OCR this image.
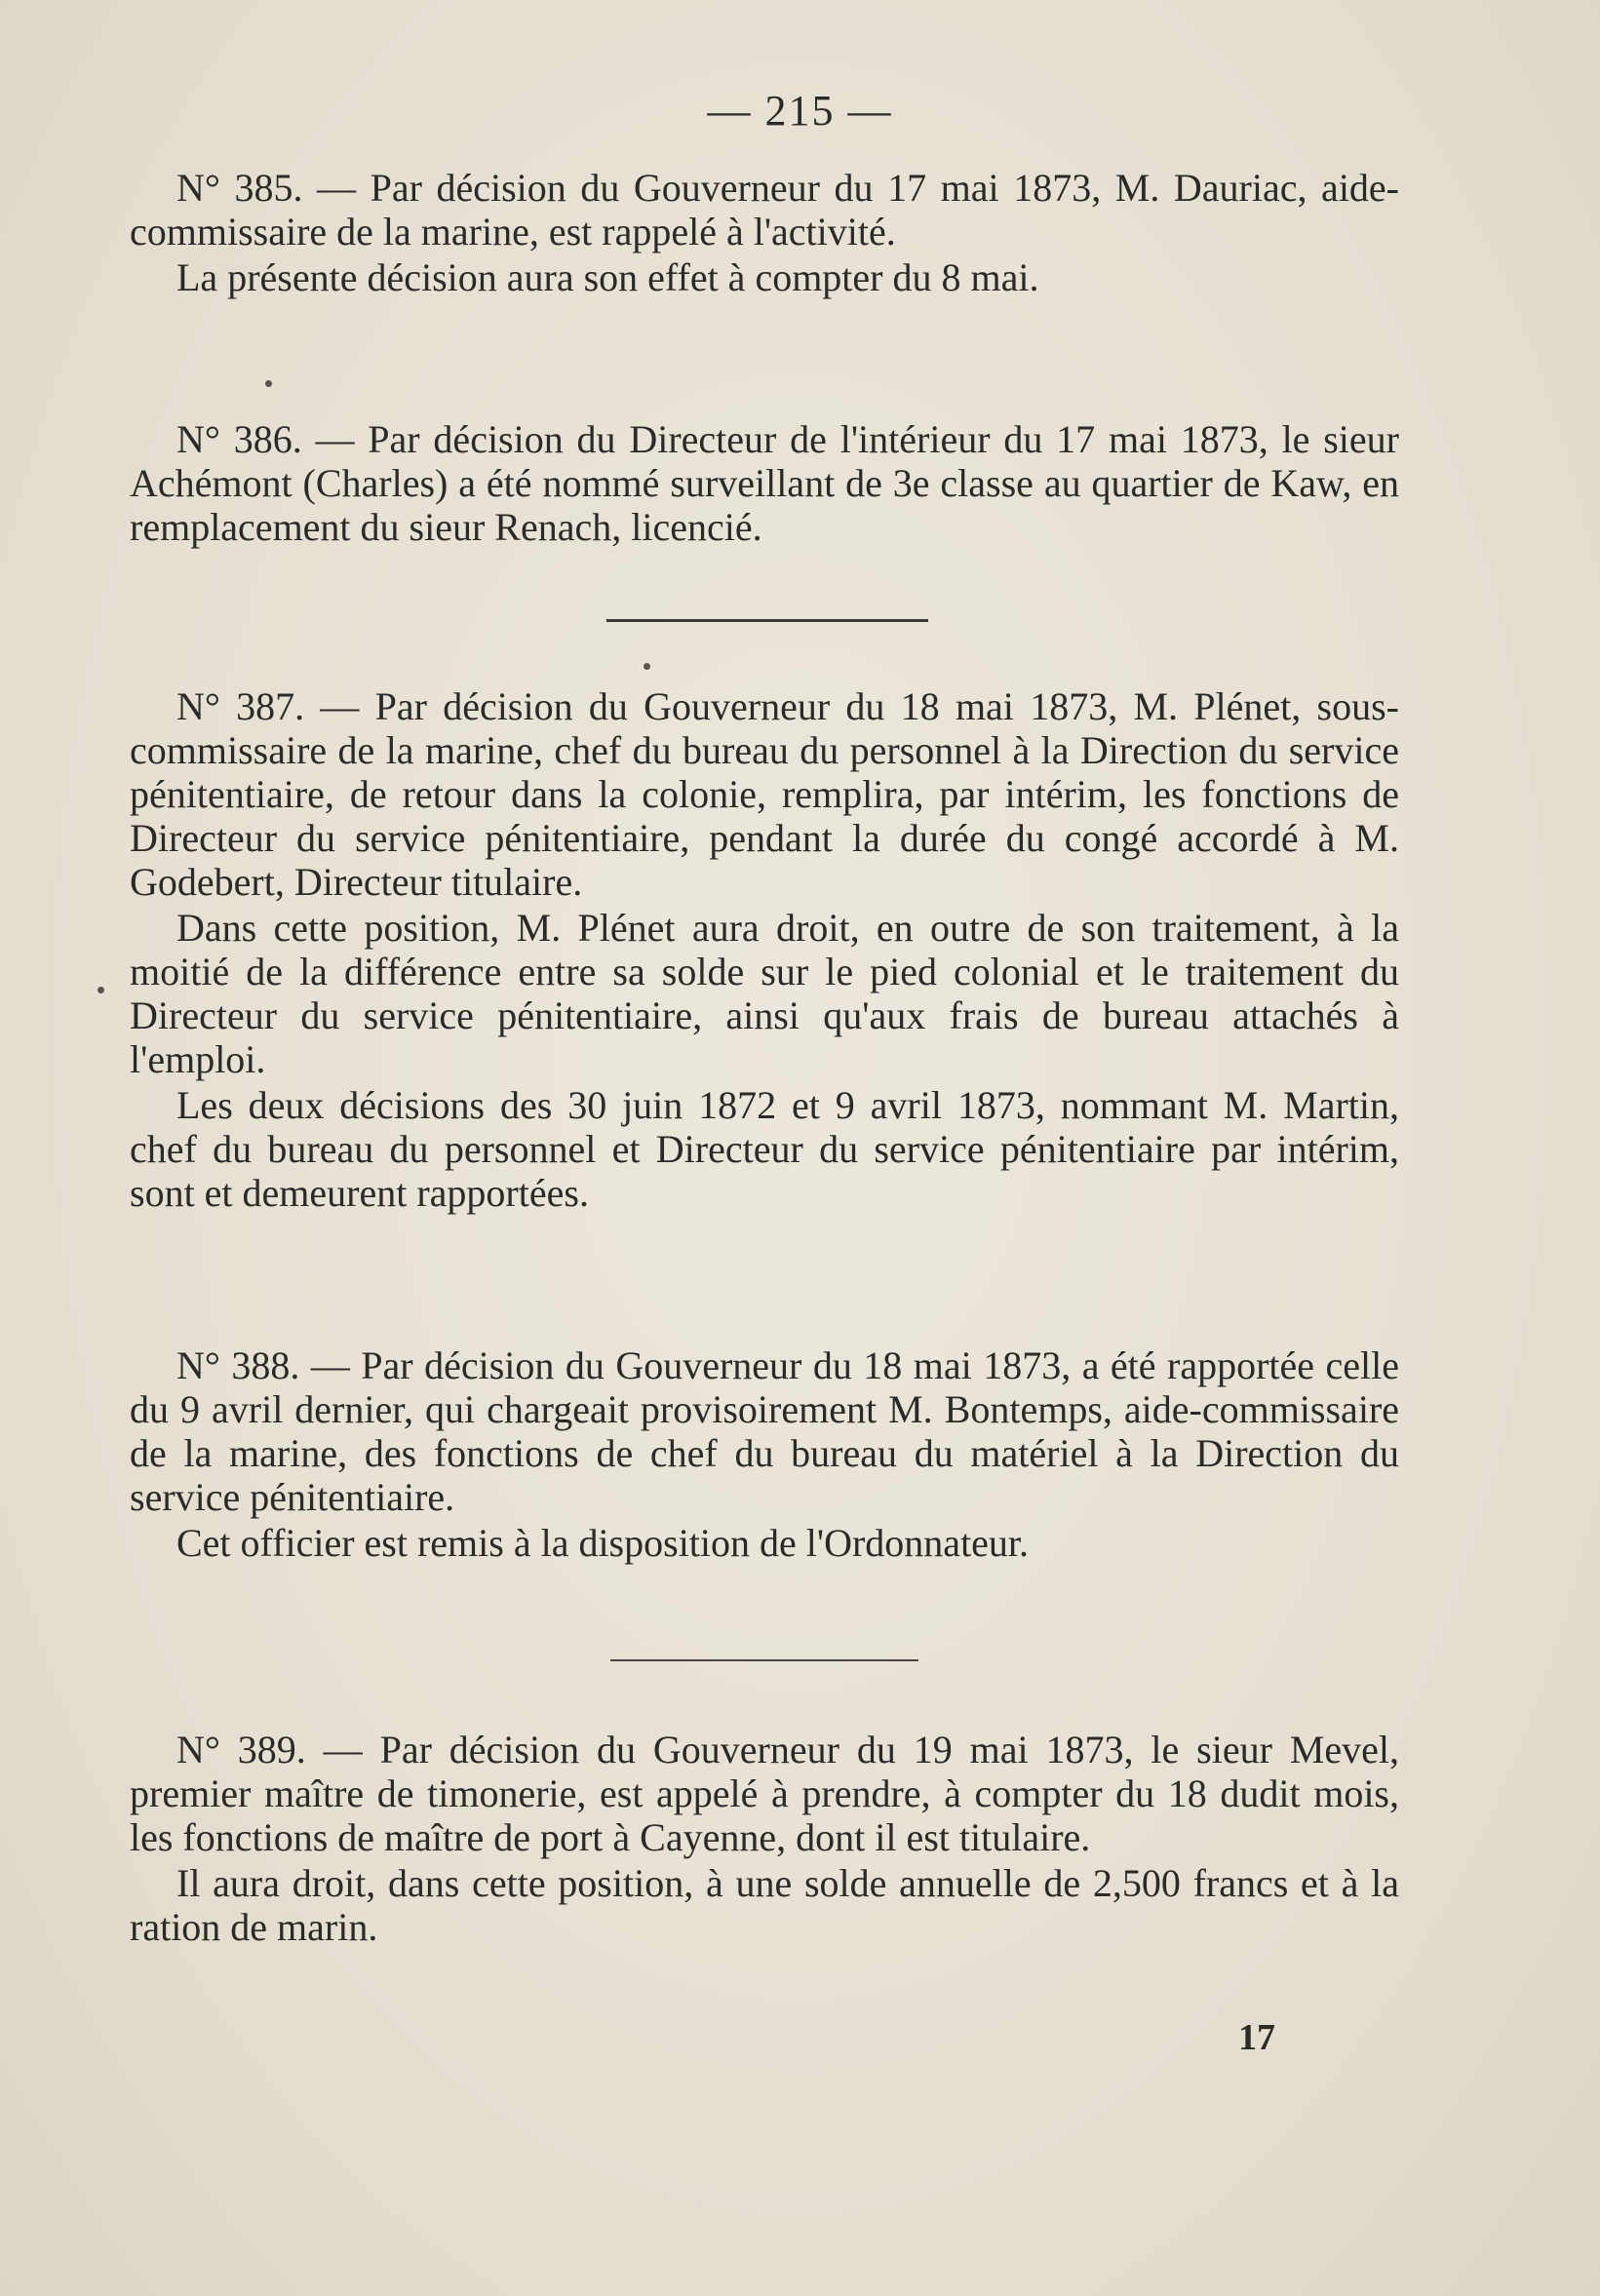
— 215 —

N° 385. — Par décision du Gouverneur du 17 mai 1873, M. Dauriac, aide-commissaire de la marine, est rappelé à l'activité.

La présente décision aura son effet à compter du 8 mai.

N° 386. — Par décision du Directeur de l'intérieur du 17 mai 1873, le sieur Achémont (Charles) a été nommé surveillant de 3e classe au quartier de Kaw, en remplacement du sieur Renach, licencié.

N° 387. — Par décision du Gouverneur du 18 mai 1873, M. Plénet, sous-commissaire de la marine, chef du bureau du personnel à la Direction du service pénitentiaire, de retour dans la colonie, remplira, par intérim, les fonctions de Directeur du service pénitentiaire, pendant la durée du congé accordé à M. Godebert, Directeur titulaire.

Dans cette position, M. Plénet aura droit, en outre de son traitement, à la moitié de la différence entre sa solde sur le pied colonial et le traitement du Directeur du service pénitentiaire, ainsi qu'aux frais de bureau attachés à l'emploi.

Les deux décisions des 30 juin 1872 et 9 avril 1873, nommant M. Martin, chef du bureau du personnel et Directeur du service pénitentiaire par intérim, sont et demeurent rapportées.

N° 388. — Par décision du Gouverneur du 18 mai 1873, a été rapportée celle du 9 avril dernier, qui chargeait provisoirement M. Bontemps, aide-commissaire de la marine, des fonctions de chef du bureau du matériel à la Direction du service pénitentiaire.

Cet officier est remis à la disposition de l'Ordonnateur.

N° 389. — Par décision du Gouverneur du 19 mai 1873, le sieur Mevel, premier maître de timonerie, est appelé à prendre, à compter du 18 dudit mois, les fonctions de maître de port à Cayenne, dont il est titulaire.

Il aura droit, dans cette position, à une solde annuelle de 2,500 francs et à la ration de marin.

17
